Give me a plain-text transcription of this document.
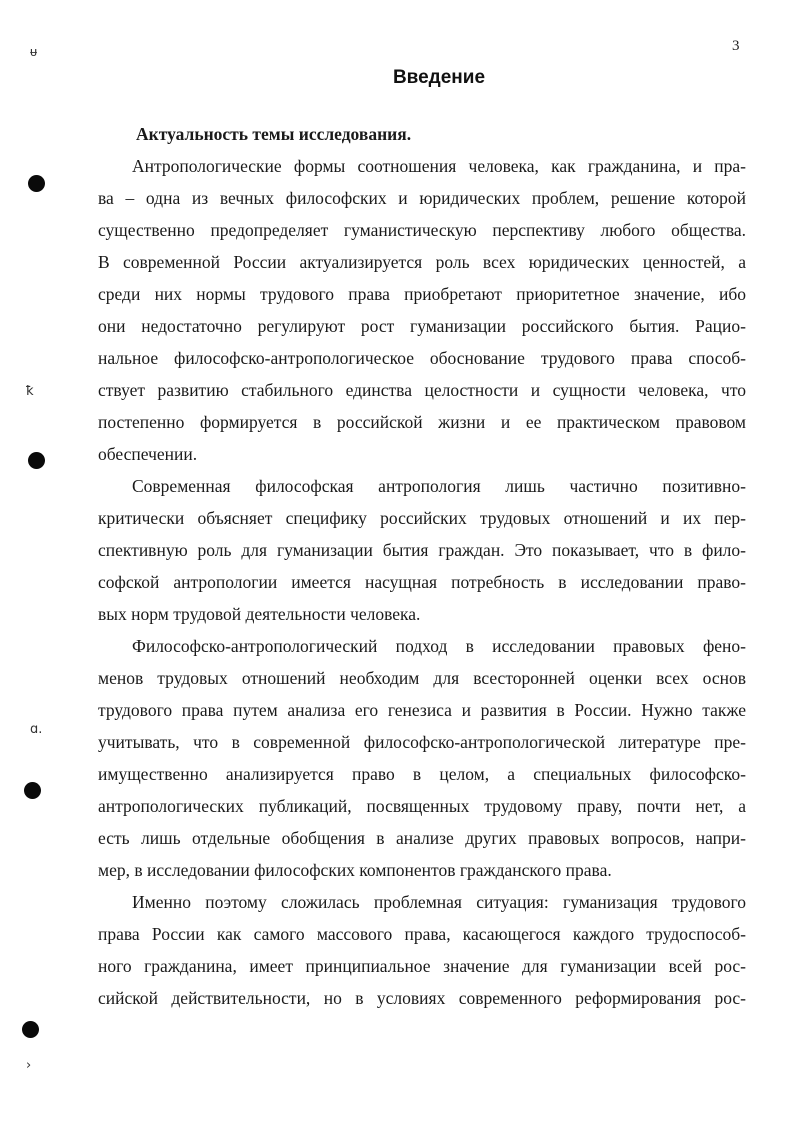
3
Введение
ᵾ
ꝁ
ɑ.
›
Актуальность темы исследования.
Антропологические формы соотношения человека, как гражданина, и пра-
ва – одна из вечных философских и юридических проблем, решение которой
существенно предопределяет гуманистическую перспективу любого общества.
В современной России актуализируется роль всех юридических ценностей, а
среди них нормы трудового права приобретают приоритетное значение, ибо
они недостаточно регулируют рост гуманизации российского бытия. Рацио-
нальное философско-антропологическое обоснование трудового права способ-
ствует развитию стабильного единства целостности и сущности человека, что
постепенно формируется в российской жизни и ее практическом правовом
обеспечении.
Современная философская антропология лишь частично позитивно-
критически объясняет специфику российских трудовых отношений и их пер-
спективную роль для гуманизации бытия граждан. Это показывает, что в фило-
софской антропологии имеется насущная потребность в исследовании право-
вых норм трудовой деятельности человека.
Философско-антропологический подход в исследовании правовых фено-
менов трудовых отношений необходим для всесторонней оценки всех основ
трудового права путем анализа его генезиса и развития в России. Нужно также
учитывать, что в современной философско-антропологической литературе пре-
имущественно анализируется право в целом, а специальных философско-
антропологических публикаций, посвященных трудовому праву, почти нет, а
есть лишь отдельные обобщения в анализе других правовых вопросов, напри-
мер, в исследовании философских компонентов гражданского права.
Именно поэтому сложилась проблемная ситуация: гуманизация трудового
права России как самого массового права, касающегося каждого трудоспособ-
ного гражданина, имеет принципиальное значение для гуманизации всей рос-
сийской действительности, но в условиях современного реформирования рос-
